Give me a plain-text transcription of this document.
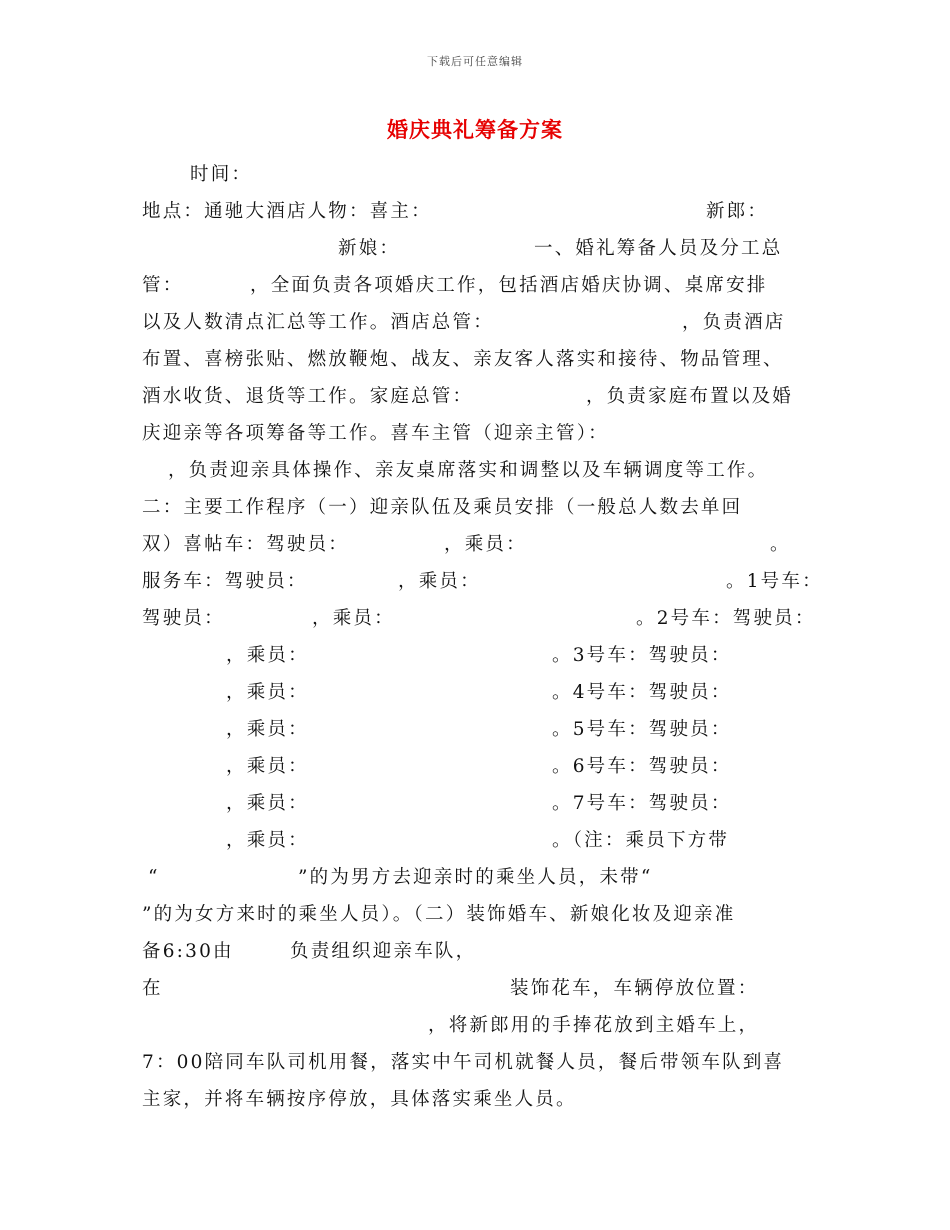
下载后可任意编辑
婚庆典礼筹备方案
时间：
地点：通驰大酒店人物：喜主：	新郎：
新娘：	一、婚礼筹备人员及分工总
管：	，全面负责各项婚庆工作，包括酒店婚庆协调、桌席安排
以及人数清点汇总等工作。酒店总管：	，负责酒店
布置、喜榜张贴、燃放鞭炮、战友、亲友客人落实和接待、物品管理、
酒水收货、退货等工作。家庭总管：	，负责家庭布置以及婚
庆迎亲等各项筹备等工作。喜车主管（迎亲主管）：
，负责迎亲具体操作、亲友桌席落实和调整以及车辆调度等工作。
二：主要工作程序（一）迎亲队伍及乘员安排（一般总人数去单回
双）喜帖车：驾驶员：	，乘员：	。
服务车：驾驶员：	，乘员：	。1号车：
驾驶员：	，乘员：	。2号车：驾驶员：
，乘员：	。3号车：驾驶员：
，乘员：	。4号车：驾驶员：
，乘员：	。5号车：驾驶员：
，乘员：	。6号车：驾驶员：
，乘员：	。7号车：驾驶员：
，乘员：	。（注：乘员下方带
“	”的为男方去迎亲时的乘坐人员，未带“
”的为女方来时的乘坐人员）。（二）装饰婚车、新娘化妆及迎亲准
备6:30由	负责组织迎亲车队，
在	装饰花车，车辆停放位置：
，将新郎用的手捧花放到主婚车上，
7：00陪同车队司机用餐，落实中午司机就餐人员，餐后带领车队到喜
主家，并将车辆按序停放，具体落实乘坐人员。
